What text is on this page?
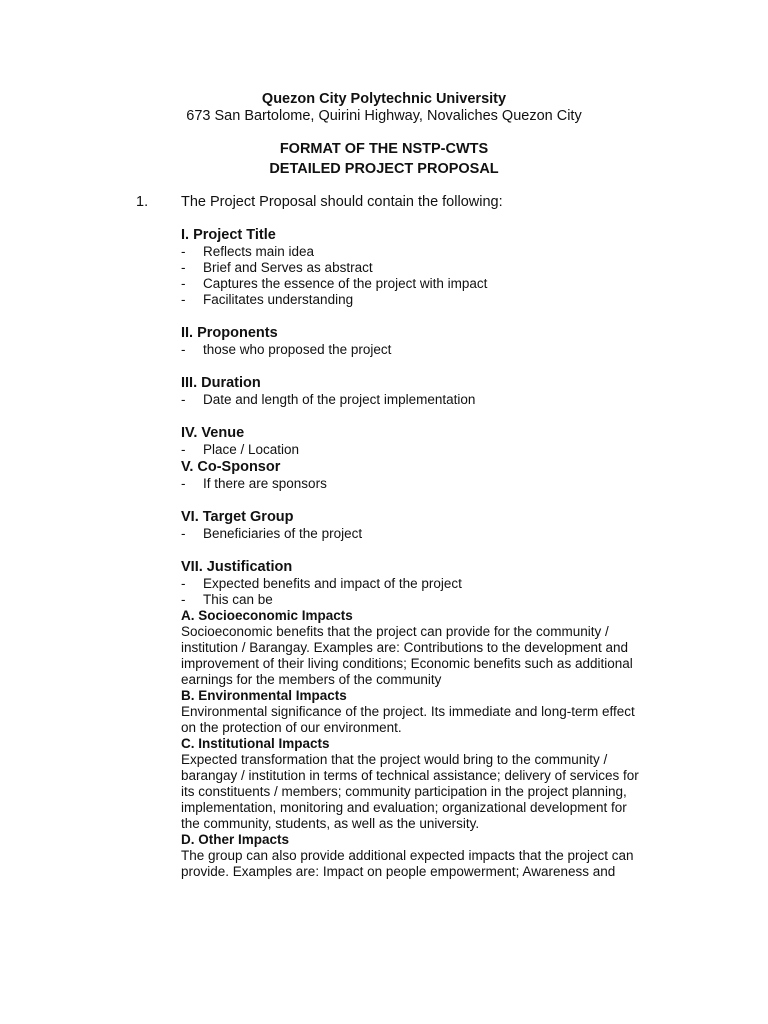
Quezon City Polytechnic University
673 San Bartolome, Quirini Highway, Novaliches Quezon City
FORMAT OF THE NSTP-CWTS
DETAILED PROJECT PROPOSAL
1. The Project Proposal should contain the following:
I. Project Title
- Reflects main idea
- Brief and Serves as abstract
- Captures the essence of the project with impact
- Facilitates understanding
II. Proponents
- those who proposed the project
III. Duration
- Date and length of the project implementation
IV. Venue
- Place / Location
V. Co-Sponsor
- If there are sponsors
VI. Target Group
- Beneficiaries of the project
VII. Justification
- Expected benefits and impact of the project
- This can be
A. Socioeconomic Impacts
Socioeconomic benefits that the project can provide for the community /
institution / Barangay. Examples are: Contributions to the development and
improvement of their living conditions; Economic benefits such as additional
earnings for the members of the community
B. Environmental Impacts
Environmental significance of the project. Its immediate and long-term effect
on the protection of our environment.
C. Institutional Impacts
Expected transformation that the project would bring to the community /
barangay / institution in terms of technical assistance; delivery of services for
its constituents / members; community participation in the project planning,
implementation, monitoring and evaluation; organizational development for
the community, students, as well as the university.
D. Other Impacts
The group can also provide additional expected impacts that the project can
provide. Examples are: Impact on people empowerment; Awareness and
